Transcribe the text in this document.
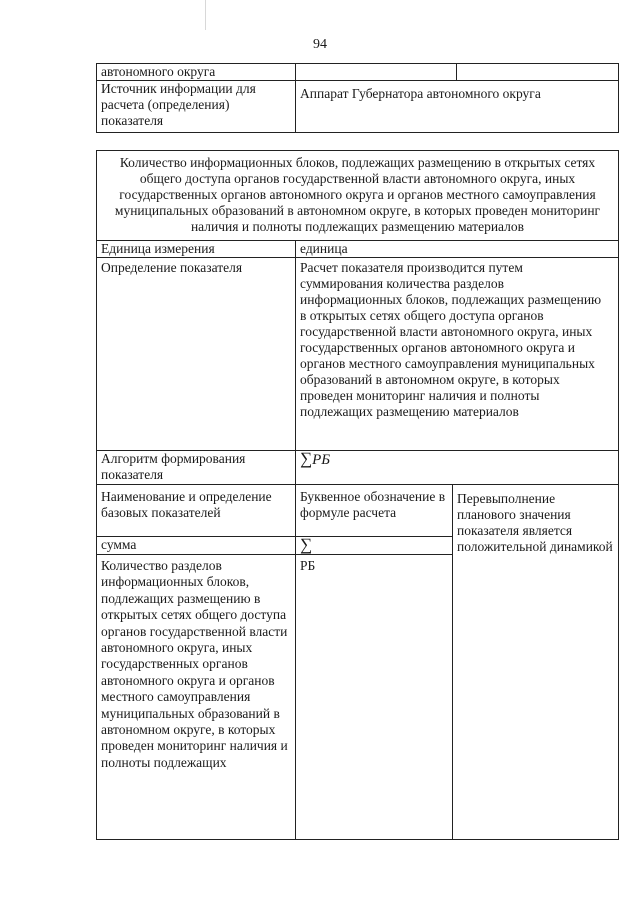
94
автономного округа		
Источник информации для расчета (определения) показателя	Аппарат Губернатора автономного округа	
Количество информационных блоков, подлежащих размещению в открытых сетях общего доступа органов государственной власти автономного округа, иных государственных органов автономного округа и органов местного самоуправления муниципальных образований в автономном округе, в которых проведен мониторинг наличия и полноты подлежащих размещению материалов		
Единица измерения	единица	
Определение показателя	Расчет показателя производится путем суммирования количества разделов информационных блоков, подлежащих размещению в открытых сетях общего доступа органов государственной власти автономного округа, иных государственных органов автономного округа и органов местного самоуправления муниципальных образований в автономном округе, в которых проведен мониторинг наличия и полноты подлежащих размещению материалов	
Алгоритм формирования показателя	∑РБ	
Наименование и определение базовых показателей	Буквенное обозначение в формуле расчета	Перевыполнение планового значения показателя является положительной динамикой
сумма	∑	
Количество разделов информационных блоков, подлежащих размещению в открытых сетях общего доступа органов государственной власти автономного округа, иных государственных органов автономного округа и органов местного самоуправления муниципальных образований в автономном округе, в которых проведен мониторинг наличия и полноты подлежащих	РБ	
